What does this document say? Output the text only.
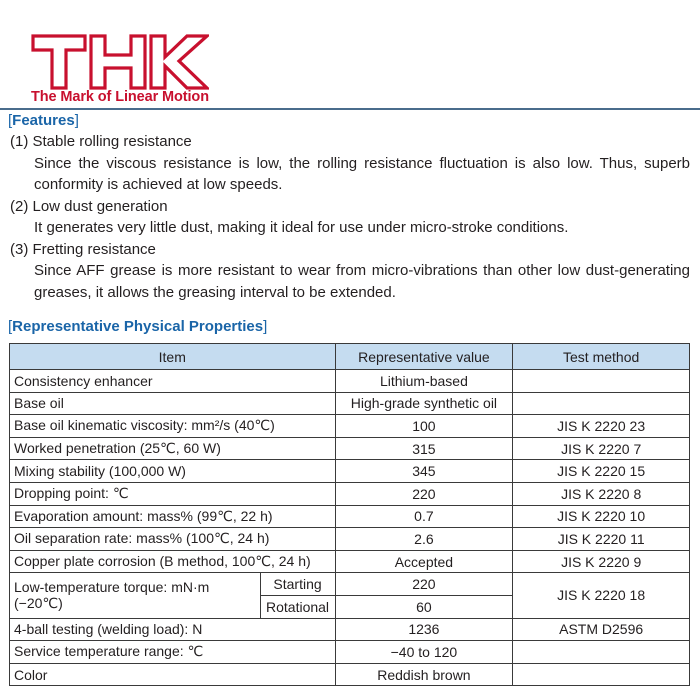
The Mark of Linear Motion
[Features]

(1) Stable rolling resistance

Since the viscous resistance is low, the rolling resistance fluctuation is also low. Thus, superb conformity is achieved at low speeds.

(2) Low dust generation

It generates very little dust, making it ideal for use under micro-stroke conditions.

(3) Fretting resistance

Since AFF grease is more resistant to wear from micro-vibrations than other low dust-generating greases, it allows the greasing interval to be extended.

[Representative Physical Properties]
Item		Representative value	Test method
Consistency enhancer		Lithium-based	
Base oil		High-grade synthetic oil	
Base oil kinematic viscosity: mm²/s (40℃)		100	JIS K 2220 23
Worked penetration (25℃, 60 W)		315	JIS K 2220 7
Mixing stability (100,000 W)		345	JIS K 2220 15
Dropping point: ℃		220	JIS K 2220 8
Evaporation amount: mass% (99℃, 22 h)		0.7	JIS K 2220 10
Oil separation rate: mass% (100℃, 24 h)		2.6	JIS K 2220 11
Copper plate corrosion (B method, 100℃, 24 h)		Accepted	JIS K 2220 9
Low-temperature torque: mN·m (−20℃)	Starting	220	JIS K 2220 18
	Rotational	60	
4-ball testing (welding load): N		1236	ASTM D2596
Service temperature range: ℃		−40 to 120	
Color		Reddish brown	
